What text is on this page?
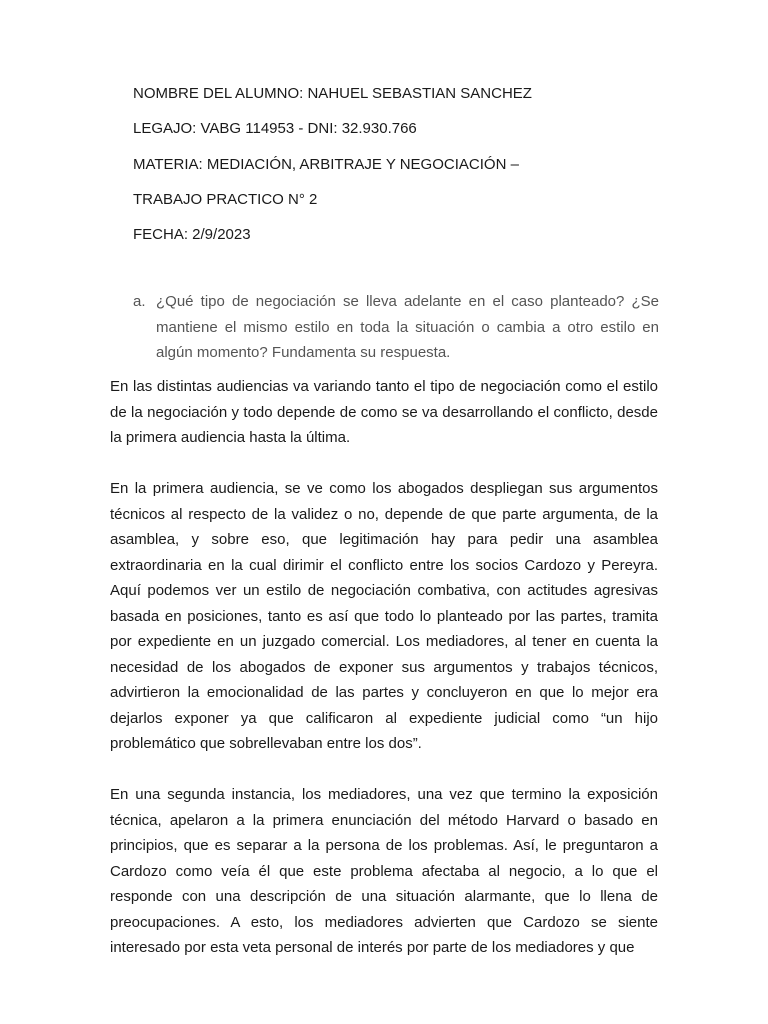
NOMBRE DEL ALUMNO: NAHUEL SEBASTIAN SANCHEZ
LEGAJO: VABG 114953 - DNI: 32.930.766
MATERIA: MEDIACIÓN, ARBITRAJE Y NEGOCIACIÓN –
TRABAJO PRACTICO N° 2
FECHA: 2/9/2023
a. ¿Qué tipo de negociación se lleva adelante en el caso planteado? ¿Se mantiene el mismo estilo en toda la situación o cambia a otro estilo en algún momento? Fundamenta su respuesta.

En las distintas audiencias va variando tanto el tipo de negociación como el estilo de la negociación y todo depende de como se va desarrollando el conflicto, desde la primera audiencia hasta la última.

En la primera audiencia, se ve como los abogados despliegan sus argumentos técnicos al respecto de la validez o no, depende de que parte argumenta, de la asamblea, y sobre eso, que legitimación hay para pedir una asamblea extraordinaria en la cual dirimir el conflicto entre los socios Cardozo y Pereyra. Aquí podemos ver un estilo de negociación combativa, con actitudes agresivas basada en posiciones, tanto es así que todo lo planteado por las partes, tramita por expediente en un juzgado comercial. Los mediadores, al tener en cuenta la necesidad de los abogados de exponer sus argumentos y trabajos técnicos, advirtieron la emocionalidad de las partes y concluyeron en que lo mejor era dejarlos exponer ya que calificaron al expediente judicial como “un hijo problemático que sobrellevaban entre los dos”.

En una segunda instancia, los mediadores, una vez que termino la exposición técnica, apelaron a la primera enunciación del método Harvard o basado en principios, que es separar a la persona de los problemas. Así, le preguntaron a Cardozo como veía él que este problema afectaba al negocio, a lo que el responde con una descripción de una situación alarmante, que lo llena de preocupaciones. A esto, los mediadores advierten que Cardozo se siente interesado por esta veta personal de interés por parte de los mediadores y que
